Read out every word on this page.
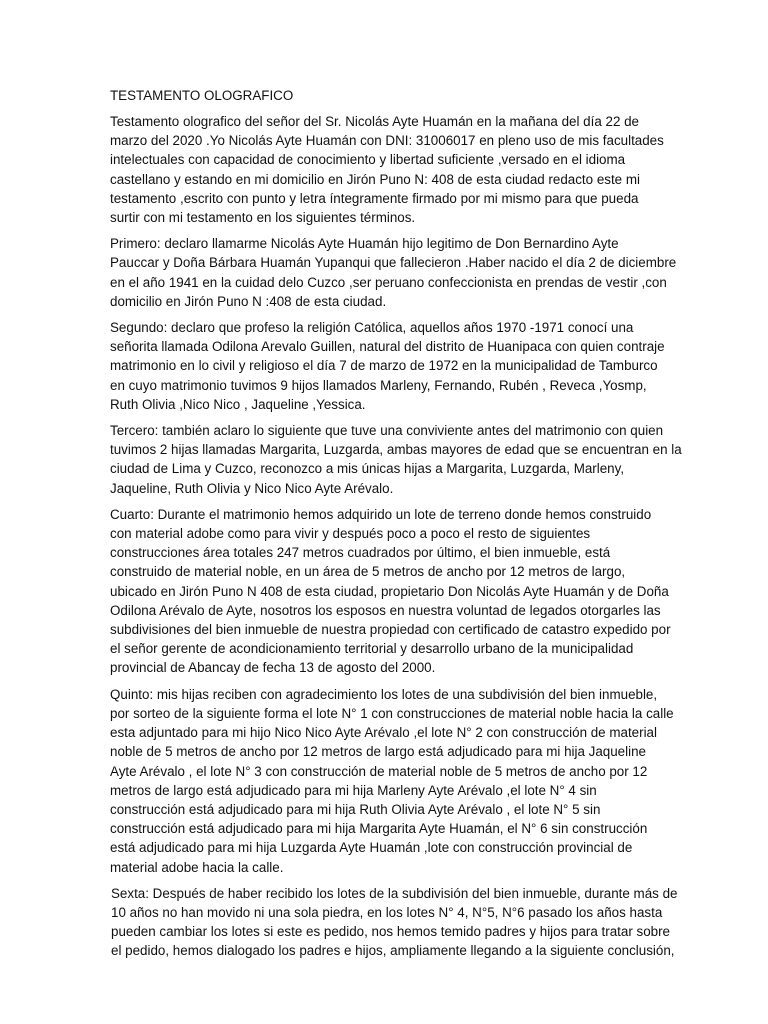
TESTAMENTO OLOGRAFICO
Testamento olografico del señor del Sr. Nicolás Ayte Huamán en la mañana del día 22 de
marzo del 2020 .Yo Nicolás Ayte Huamán con DNI: 31006017 en pleno uso de mis facultades
intelectuales con capacidad de conocimiento y libertad suficiente ,versado en el idioma
castellano y estando en mi domicilio en Jirón Puno N: 408 de esta ciudad redacto este mi
testamento ,escrito con punto y letra íntegramente firmado por mi mismo para que pueda
surtir con mi testamento en los siguientes términos.
Primero: declaro llamarme Nicolás Ayte Huamán hijo legitimo de Don Bernardino Ayte
Pauccar y Doña Bárbara Huamán Yupanqui que fallecieron .Haber nacido el día 2 de diciembre
en el año 1941 en la cuidad delo Cuzco ,ser peruano confeccionista en prendas de vestir ,con
domicilio en Jirón Puno N :408 de esta ciudad.
Segundo: declaro que profeso la religión Católica, aquellos años 1970 -1971 conocí una
señorita llamada Odilona Arevalo Guillen, natural del distrito de Huanipaca con quien contraje
matrimonio en lo civil y religioso el día 7 de marzo de 1972 en la municipalidad de Tamburco
en cuyo matrimonio tuvimos 9 hijos llamados Marleny, Fernando, Rubén , Reveca ,Yosmp,
Ruth Olivia ,Nico Nico , Jaqueline ,Yessica.
Tercero: también aclaro lo siguiente que tuve una conviviente antes del matrimonio con quien
tuvimos 2 hijas llamadas Margarita, Luzgarda, ambas mayores de edad que se encuentran en la
ciudad de Lima y Cuzco, reconozco a mis únicas hijas a Margarita, Luzgarda, Marleny,
Jaqueline, Ruth Olivia y Nico Nico Ayte Arévalo.
Cuarto: Durante el matrimonio hemos adquirido un lote de terreno donde hemos construido
con material adobe como para vivir y después poco a poco el resto de siguientes
construcciones área totales 247 metros cuadrados por último, el bien inmueble, está
construido de material noble, en un área de 5 metros de ancho por 12 metros de largo,
ubicado en Jirón Puno N 408 de esta ciudad, propietario Don Nicolás Ayte Huamán y de Doña
Odilona Arévalo de Ayte, nosotros los esposos en nuestra voluntad de legados otorgarles las
subdivisiones del bien inmueble de nuestra propiedad con certificado de catastro expedido por
el señor gerente de acondicionamiento territorial y desarrollo urbano de la municipalidad
provincial de Abancay de fecha 13 de agosto del 2000.
Quinto: mis hijas reciben con agradecimiento los lotes de una subdivisión del bien inmueble,
por sorteo de la siguiente forma el lote N° 1 con construcciones de material noble hacia la calle
esta adjuntado para mi hijo Nico Nico Ayte Arévalo ,el lote N° 2 con construcción de material
noble de 5 metros de ancho por 12 metros de largo está adjudicado para mi hija Jaqueline
Ayte Arévalo , el lote N° 3 con construcción de material noble de 5 metros de ancho por 12
metros de largo está adjudicado para mi hija Marleny Ayte Arévalo ,el lote N° 4 sin
construcción está adjudicado para mi hija Ruth Olivia Ayte Arévalo , el lote N° 5 sin
construcción está adjudicado para mi hija Margarita Ayte Huamán, el N° 6 sin construcción
está adjudicado para mi hija Luzgarda Ayte Huamán ,lote con construcción provincial de
material adobe hacia la calle.
Sexta: Después de haber recibido los lotes de la subdivisión del bien inmueble, durante más de
10 años no han movido ni una sola piedra, en los lotes N° 4, N°5, N°6 pasado los años hasta
pueden cambiar los lotes si este es pedido, nos hemos temido padres y hijos para tratar sobre
el pedido, hemos dialogado los padres e hijos, ampliamente llegando a la siguiente conclusión,
